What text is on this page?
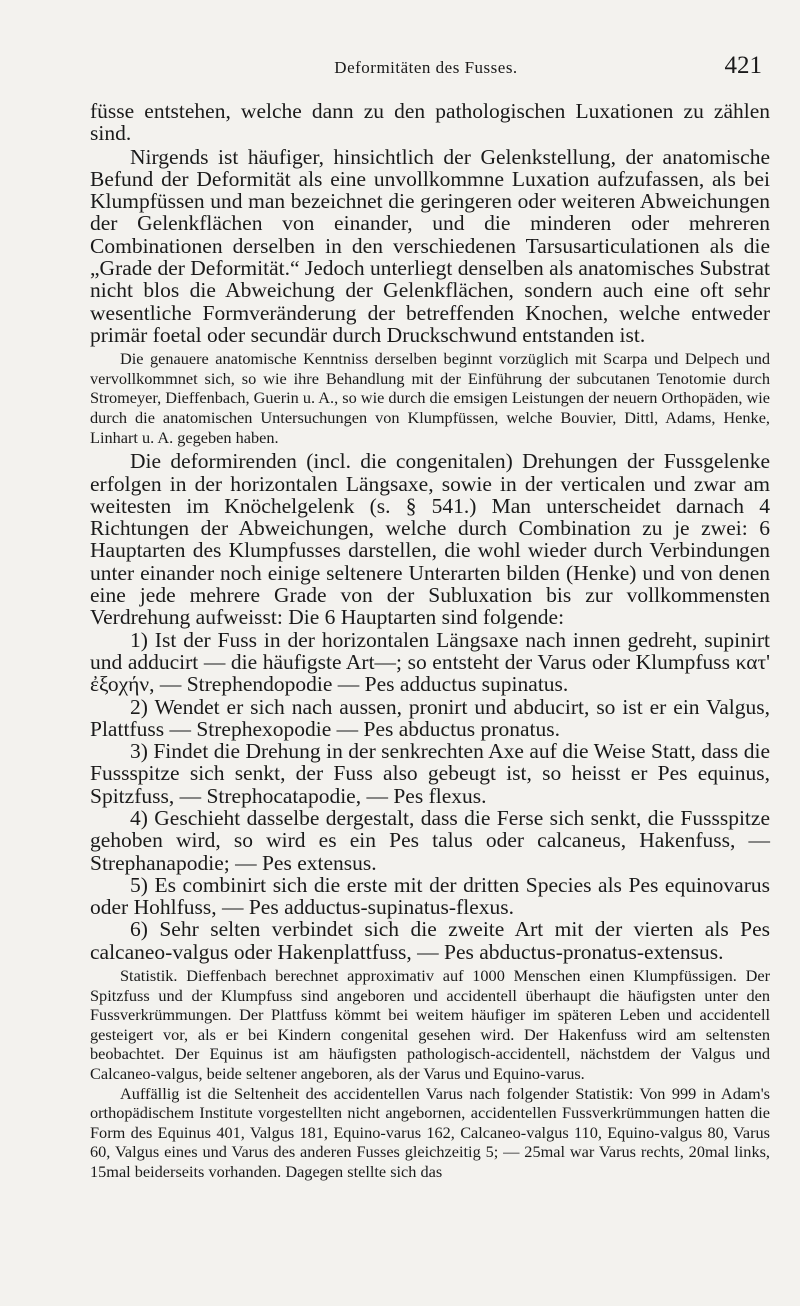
Deformitäten des Fusses.	421

füsse entstehen, welche dann zu den pathologischen Luxationen zu zählen sind.

Nirgends ist häufiger, hinsichtlich der Gelenkstellung, der anatomische Befund der Deformität als eine unvollkommne Luxation aufzufassen, als bei Klumpfüssen und man bezeichnet die geringeren oder weiteren Abweichungen der Gelenkflächen von einander, und die minderen oder mehreren Combinationen derselben in den verschiedenen Tarsusarticulationen als die „Grade der Deformität.“ Jedoch unterliegt denselben als anatomisches Substrat nicht blos die Abweichung der Gelenkflächen, sondern auch eine oft sehr wesentliche Formveränderung der betreffenden Knochen, welche entweder primär foetal oder secundär durch Druckschwund entstanden ist.

Die genauere anatomische Kenntniss derselben beginnt vorzüglich mit Scarpa und Delpech und vervollkommnet sich, so wie ihre Behandlung mit der Einführung der subcutanen Tenotomie durch Stromeyer, Dieffenbach, Guerin u. A., so wie durch die emsigen Leistungen der neuern Orthopäden, wie durch die anatomischen Untersuchungen von Klumpfüssen, welche Bouvier, Dittl, Adams, Henke, Linhart u. A. gegeben haben.

Die deformirenden (incl. die congenitalen) Drehungen der Fussgelenke erfolgen in der horizontalen Längsaxe, sowie in der verticalen und zwar am weitesten im Knöchelgelenk (s. § 541.) Man unterscheidet darnach 4 Richtungen der Abweichungen, welche durch Combination zu je zwei: 6 Hauptarten des Klumpfusses darstellen, die wohl wieder durch Verbindungen unter einander noch einige seltenere Unterarten bilden (Henke) und von denen eine jede mehrere Grade von der Subluxation bis zur vollkommensten Verdrehung aufweisst: Die 6 Hauptarten sind folgende:

1) Ist der Fuss in der horizontalen Längsaxe nach innen gedreht, supinirt und adducirt — die häufigste Art—; so entsteht der Varus oder Klumpfuss κατ' ἐξοχήν, — Strephendopodie — Pes adductus supinatus.

2) Wendet er sich nach aussen, pronirt und abducirt, so ist er ein Valgus, Plattfuss — Strephexopodie — Pes abductus pronatus.

3) Findet die Drehung in der senkrechten Axe auf die Weise Statt, dass die Fussspitze sich senkt, der Fuss also gebeugt ist, so heisst er Pes equinus, Spitzfuss, — Strephocatapodie, — Pes flexus.

4) Geschieht dasselbe dergestalt, dass die Ferse sich senkt, die Fussspitze gehoben wird, so wird es ein Pes talus oder calcaneus, Hakenfuss, — Strephanapodie; — Pes extensus.

5) Es combinirt sich die erste mit der dritten Species als Pes equinovarus oder Hohlfuss, — Pes adductus-supinatus-flexus.

6) Sehr selten verbindet sich die zweite Art mit der vierten als Pes calcaneo-valgus oder Hakenplattfuss, — Pes abductus-pronatus-extensus.

Statistik. Dieffenbach berechnet approximativ auf 1000 Menschen einen Klumpfüssigen. Der Spitzfuss und der Klumpfuss sind angeboren und accidentell überhaupt die häufigsten unter den Fussverkrümmungen. Der Plattfuss kömmt bei weitem häufiger im späteren Leben und accidentell gesteigert vor, als er bei Kindern congenital gesehen wird. Der Hakenfuss wird am seltensten beobachtet. Der Equinus ist am häufigsten pathologisch-accidentell, nächstdem der Valgus und Calcaneo-valgus, beide seltener angeboren, als der Varus und Equino-varus.

Auffällig ist die Seltenheit des accidentellen Varus nach folgender Statistik: Von 999 in Adam's orthopädischem Institute vorgestellten nicht angebornen, accidentellen Fussverkrümmungen hatten die Form des Equinus 401, Valgus 181, Equino-varus 162, Calcaneo-valgus 110, Equino-valgus 80, Varus 60, Valgus eines und Varus des anderen Fusses gleichzeitig 5; — 25mal war Varus rechts, 20mal links, 15mal beiderseits vorhanden. Dagegen stellte sich das
